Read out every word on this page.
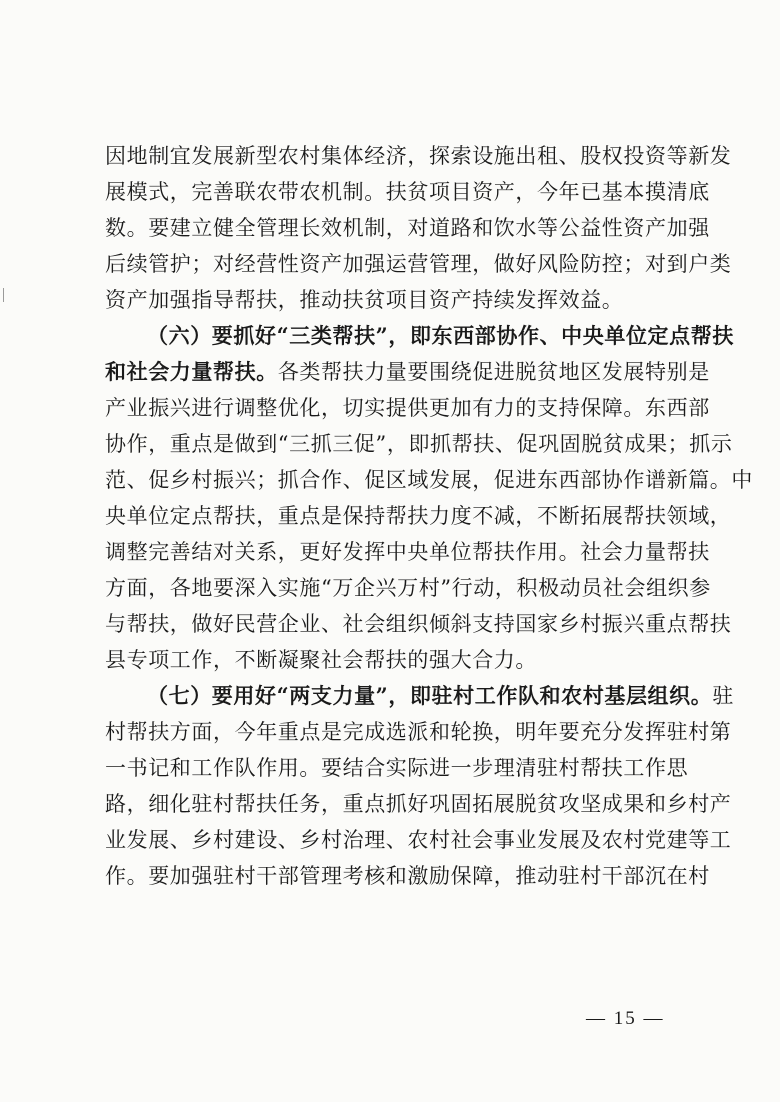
因地制宜发展新型农村集体经济，探索设施出租、股权投资等新发
展模式，完善联农带农机制。扶贫项目资产，今年已基本摸清底
数。要建立健全管理长效机制，对道路和饮水等公益性资产加强
后续管护；对经营性资产加强运营管理，做好风险防控；对到户类
资产加强指导帮扶，推动扶贫项目资产持续发挥效益。
（六）要抓好“三类帮扶”，即东西部协作、中央单位定点帮扶
和社会力量帮扶。各类帮扶力量要围绕促进脱贫地区发展特别是
产业振兴进行调整优化，切实提供更加有力的支持保障。东西部
协作，重点是做到“三抓三促”，即抓帮扶、促巩固脱贫成果；抓示
范、促乡村振兴；抓合作、促区域发展，促进东西部协作谱新篇。中
央单位定点帮扶，重点是保持帮扶力度不减，不断拓展帮扶领域，
调整完善结对关系，更好发挥中央单位帮扶作用。社会力量帮扶
方面，各地要深入实施“万企兴万村”行动，积极动员社会组织参
与帮扶，做好民营企业、社会组织倾斜支持国家乡村振兴重点帮扶
县专项工作，不断凝聚社会帮扶的强大合力。
（七）要用好“两支力量”，即驻村工作队和农村基层组织。驻
村帮扶方面，今年重点是完成选派和轮换，明年要充分发挥驻村第
一书记和工作队作用。要结合实际进一步理清驻村帮扶工作思
路，细化驻村帮扶任务，重点抓好巩固拓展脱贫攻坚成果和乡村产
业发展、乡村建设、乡村治理、农村社会事业发展及农村党建等工
作。要加强驻村干部管理考核和激励保障，推动驻村干部沉在村
— 15 —
